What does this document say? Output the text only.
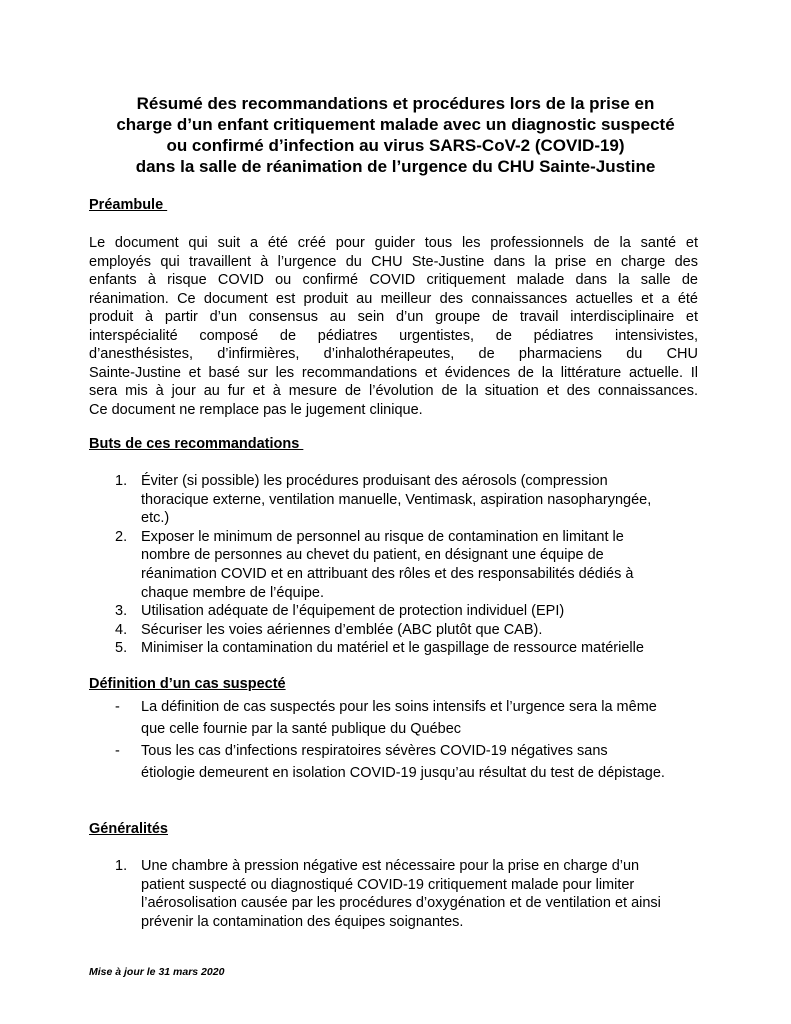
Résumé des recommandations et procédures lors de la prise en
charge d’un enfant critiquement malade avec un diagnostic suspecté
ou confirmé d’infection au virus SARS-CoV-2 (COVID-19)
dans la salle de réanimation de l’urgence du CHU Sainte-Justine
Préambule
Le document qui suit a été créé pour guider tous les professionnels de la santé et
employés qui travaillent à l’urgence du CHU Ste-Justine dans la prise en charge des
enfants à risque COVID ou confirmé COVID critiquement malade dans la salle de
réanimation. Ce document est produit au meilleur des connaissances actuelles et a été
produit à partir d’un consensus au sein d’un groupe de travail interdisciplinaire et
interspécialité composé de pédiatres urgentistes, de pédiatres intensivistes,
d’anesthésistes, d’infirmières, d’inhalothérapeutes, de pharmaciens du CHU
Sainte-Justine et basé sur les recommandations et évidences de la littérature actuelle. Il
sera mis à jour au fur et à mesure de l’évolution de la situation et des connaissances.
Ce document ne remplace pas le jugement clinique.
Buts de ces recommandations
1. Éviter (si possible) les procédures produisant des aérosols (compression
thoracique externe, ventilation manuelle, Ventimask, aspiration nasopharyngée,
etc.)
2. Exposer le minimum de personnel au risque de contamination en limitant le
nombre de personnes au chevet du patient, en désignant une équipe de
réanimation COVID et en attribuant des rôles et des responsabilités dédiés à
chaque membre de l’équipe.
3. Utilisation adéquate de l’équipement de protection individuel (EPI)
4. Sécuriser les voies aériennes d’emblée (ABC plutôt que CAB).
5. Minimiser la contamination du matériel et le gaspillage de ressource matérielle
Définition d’un cas suspecté
- La définition de cas suspectés pour les soins intensifs et l’urgence sera la même
que celle fournie par la santé publique du Québec
- Tous les cas d’infections respiratoires sévères COVID-19 négatives sans
étiologie demeurent en isolation COVID-19 jusqu’au résultat du test de dépistage.
Généralités
1. Une chambre à pression négative est nécessaire pour la prise en charge d’un
patient suspecté ou diagnostiqué COVID-19 critiquement malade pour limiter
l’aérosolisation causée par les procédures d’oxygénation et de ventilation et ainsi
prévenir la contamination des équipes soignantes.
Mise à jour le 31 mars 2020
